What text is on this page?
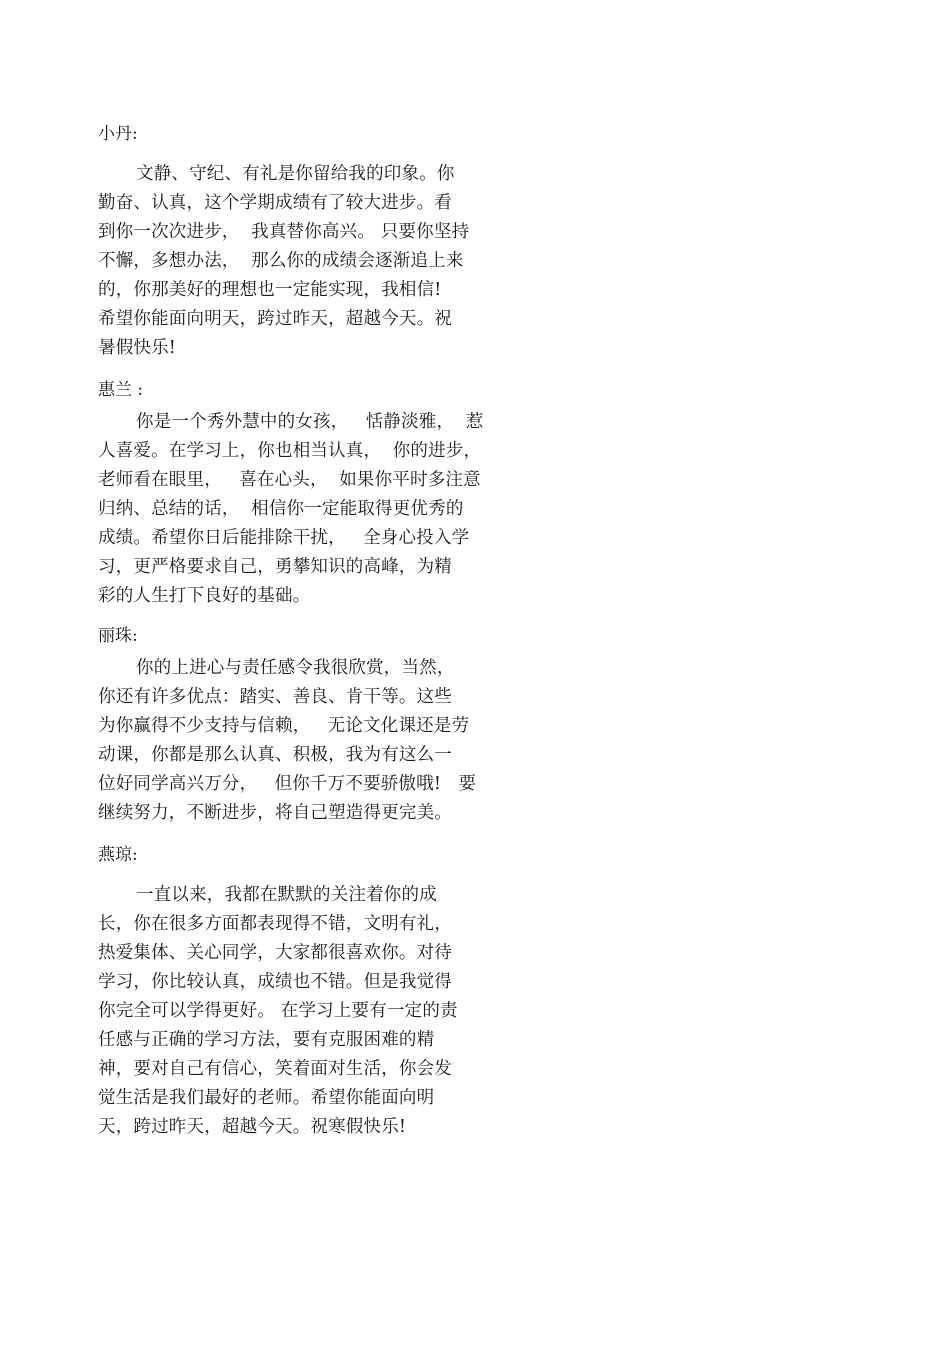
小丹:
文静、守纪、有礼是你留给我的印象。你
勤奋、认真，这个学期成绩有了较大进步。看
到你一次次进步，  我真替你高兴。 只要你坚持
不懈，多想办法，  那么你的成绩会逐渐追上来
的，你那美好的理想也一定能实现，我相信!
希望你能面向明天，跨过昨天，超越今天。祝
暑假快乐!
惠兰 :
你是一个秀外慧中的女孩，   恬静淡雅，  惹
人喜爱。在学习上，你也相当认真，  你的进步，
老师看在眼里，   喜在心头，  如果你平时多注意
归纳、总结的话，  相信你一定能取得更优秀的
成绩。希望你日后能排除干扰，   全身心投入学
习，更严格要求自己，勇攀知识的高峰，为精
彩的人生打下良好的基础。
丽珠:
你的上进心与责任感令我很欣赏，当然，
你还有许多优点：踏实、善良、肯干等。这些
为你赢得不少支持与信赖，   无论文化课还是劳
动课，你都是那么认真、积极，我为有这么一
位好同学高兴万分，   但你千万不要骄傲哦!   要
继续努力，不断进步，将自己塑造得更完美。
燕琼:
一直以来，我都在默默的关注着你的成
长，你在很多方面都表现得不错，文明有礼，
热爱集体、关心同学，大家都很喜欢你。对待
学习，你比较认真，成绩也不错。但是我觉得
你完全可以学得更好。 在学习上要有一定的责
任感与正确的学习方法，要有克服困难的精
神，要对自己有信心，笑着面对生活，你会发
觉生活是我们最好的老师。希望你能面向明
天，跨过昨天，超越今天。祝寒假快乐!
